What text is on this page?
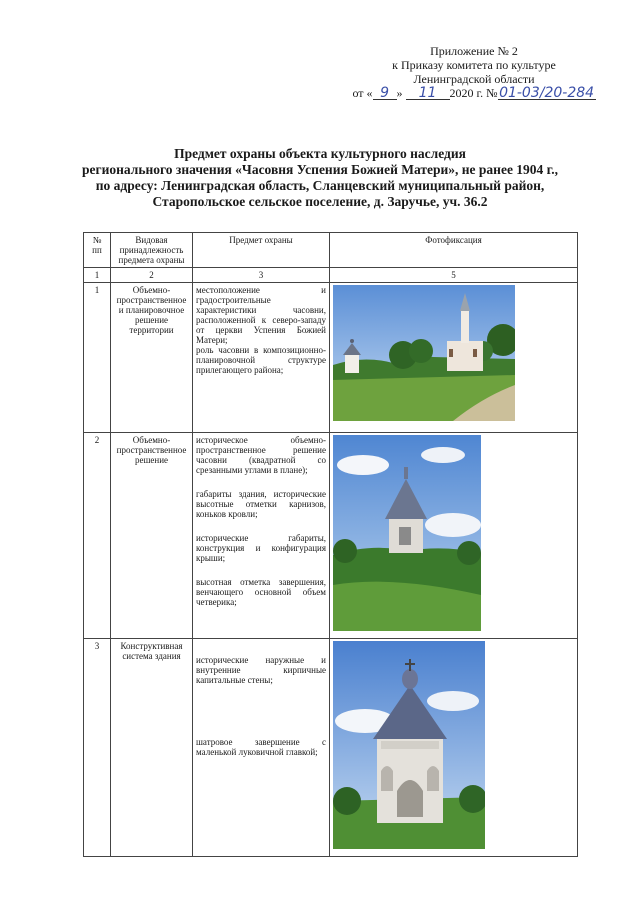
Приложение № 2
к Приказу комитета по культуре
Ленинградской области
от « 9 » 11 2020 г. № 01-03/20-284
Предмет охраны объекта культурного наследия
регионального значения «Часовня Успения Божией Матери», не ранее 1904 г.,
по адресу: Ленинградская область, Сланцевский муниципальный район,
Старопольское сельское поселение, д. Заручье, уч. 36.2
№ пп	Видовая принадлежность предмета охраны	Предмет охраны	Фотофиксация
1	2	3	5
1	Объемно-пространственное и планировочное решение территории	местоположение и градостроительные характеристики часовни, расположенной к северо-западу от церкви Успения Божией Матери;
роль часовни в композиционно-планировочной структуре прилегающего района;

2	Объемно-пространственное решение	историческое объемно-пространственное решение часовни (квадратной со срезанными углами в плане);
габариты здания, исторические высотные отметки карнизов, коньков кровли;
исторические габариты, конструкция и конфигурация крыши;
высотная отметка завершения, венчающего основной объем четверика;

3	Конструктивная система здания	исторические наружные и внутренние кирпичные капитальные стены;
шатровое завершение с маленькой луковичной главкой;
